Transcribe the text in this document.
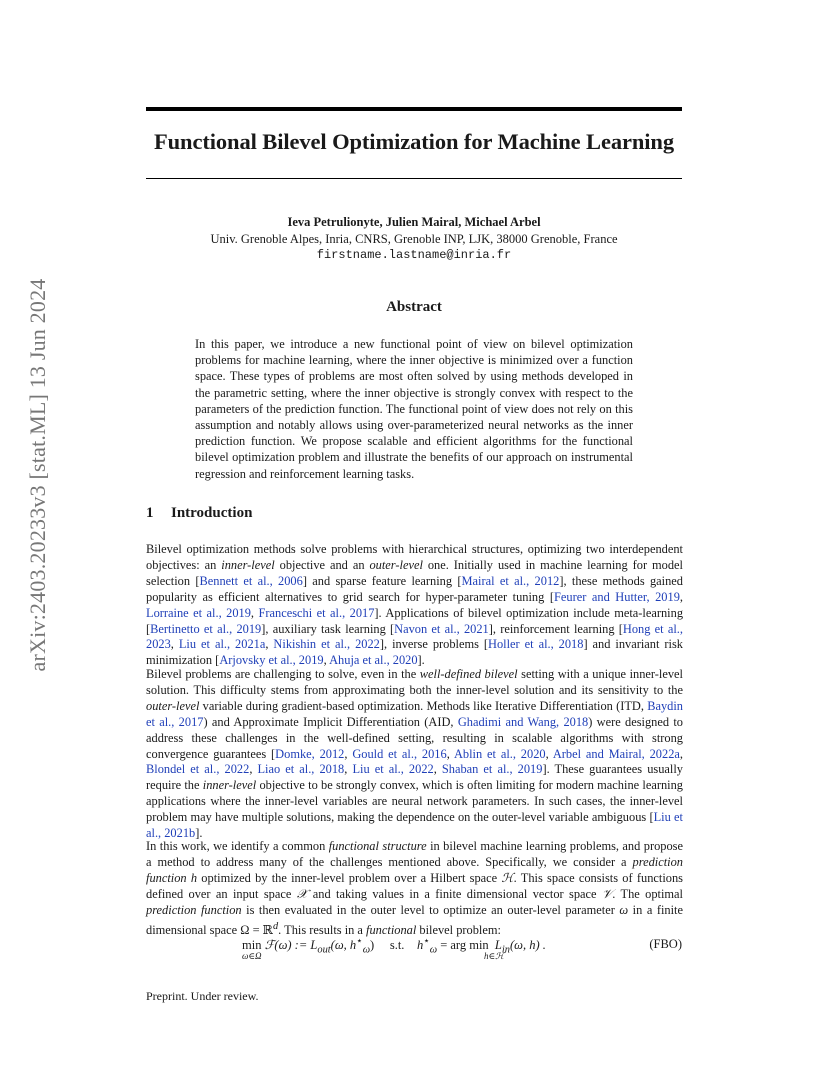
arXiv:2403.20233v3 [stat.ML] 13 Jun 2024
Functional Bilevel Optimization for Machine Learning
Ieva Petrulionyte, Julien Mairal, Michael Arbel
Univ. Grenoble Alpes, Inria, CNRS, Grenoble INP, LJK, 38000 Grenoble, France
firstname.lastname@inria.fr
Abstract
In this paper, we introduce a new functional point of view on bilevel optimization problems for machine learning, where the inner objective is minimized over a function space. These types of problems are most often solved by using methods developed in the parametric setting, where the inner objective is strongly convex with respect to the parameters of the prediction function. The functional point of view does not rely on this assumption and notably allows using over-parameterized neural networks as the inner prediction function. We propose scalable and efficient algorithms for the functional bilevel optimization problem and illustrate the benefits of our approach on instrumental regression and reinforcement learning tasks.
1 Introduction
Bilevel optimization methods solve problems with hierarchical structures, optimizing two interdependent objectives: an inner-level objective and an outer-level one. Initially used in machine learning for model selection [Bennett et al., 2006] and sparse feature learning [Mairal et al., 2012], these methods gained popularity as efficient alternatives to grid search for hyper-parameter tuning [Feurer and Hutter, 2019, Lorraine et al., 2019, Franceschi et al., 2017]. Applications of bilevel optimization include meta-learning [Bertinetto et al., 2019], auxiliary task learning [Navon et al., 2021], reinforcement learning [Hong et al., 2023, Liu et al., 2021a, Nikishin et al., 2022], inverse problems [Holler et al., 2018] and invariant risk minimization [Arjovsky et al., 2019, Ahuja et al., 2020].
Bilevel problems are challenging to solve, even in the well-defined bilevel setting with a unique inner-level solution. This difficulty stems from approximating both the inner-level solution and its sensitivity to the outer-level variable during gradient-based optimization. Methods like Iterative Differentiation (ITD, Baydin et al., 2017) and Approximate Implicit Differentiation (AID, Ghadimi and Wang, 2018) were designed to address these challenges in the well-defined setting, resulting in scalable algorithms with strong convergence guarantees [Domke, 2012, Gould et al., 2016, Ablin et al., 2020, Arbel and Mairal, 2022a, Blondel et al., 2022, Liao et al., 2018, Liu et al., 2022, Shaban et al., 2019]. These guarantees usually require the inner-level objective to be strongly convex, which is often limiting for modern machine learning applications where the inner-level variables are neural network parameters. In such cases, the inner-level problem may have multiple solutions, making the dependence on the outer-level variable ambiguous [Liu et al., 2021b].
In this work, we identify a common functional structure in bilevel machine learning problems, and propose a method to address many of the challenges mentioned above. Specifically, we consider a prediction function h optimized by the inner-level problem over a Hilbert space ℋ. This space consists of functions defined over an input space 𝒳 and taking values in a finite dimensional vector space 𝒱. The optimal prediction function is then evaluated in the outer level to optimize an outer-level parameter ω in a finite dimensional space Ω = ℝ$^d$. This results in a functional bilevel problem:
min ℱ(ω) := $L_{out}(\omega$, $h^⋆_\omega$) s.t. $h^⋆_\omega$ = arg $\min L_{in}(\omega$, h) .
ω∈Ω	h∈ℋ
(FBO)
Preprint. Under review.
